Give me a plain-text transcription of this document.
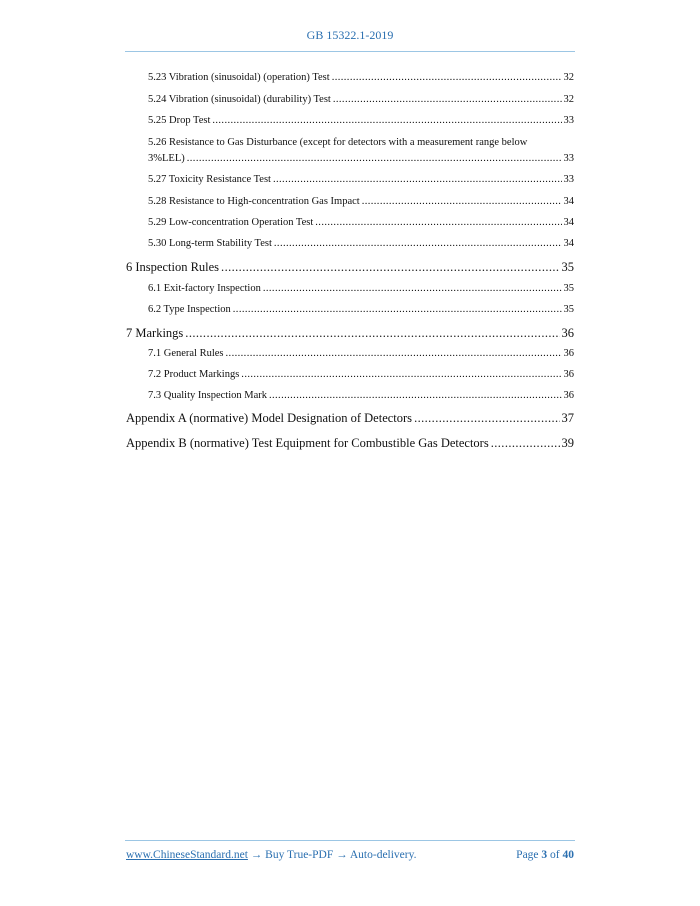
GB 15322.1-2019
5.23 Vibration (sinusoidal) (operation) Test .....	32
5.24 Vibration (sinusoidal) (durability) Test .....	32
5.25 Drop Test .....	33
5.26 Resistance to Gas Disturbance (except for detectors with a measurement range below
3%LEL) .....	33
5.27 Toxicity Resistance Test .....	33
5.28 Resistance to High-concentration Gas Impact .....	34
5.29 Low-concentration Operation Test .....	34
5.30 Long-term Stability Test .....	34
6 Inspection Rules .....	35
6.1 Exit-factory Inspection .....	35
6.2 Type Inspection .....	35
7 Markings .....	36
7.1 General Rules .....	36
7.2 Product Markings .....	36
7.3 Quality Inspection Mark .....	36
Appendix A (normative) Model Designation of Detectors .....	37
Appendix B (normative) Test Equipment for Combustible Gas Detectors .....	39
www.ChineseStandard.net → Buy True-PDF → Auto-delivery.	Page 3 of 40
